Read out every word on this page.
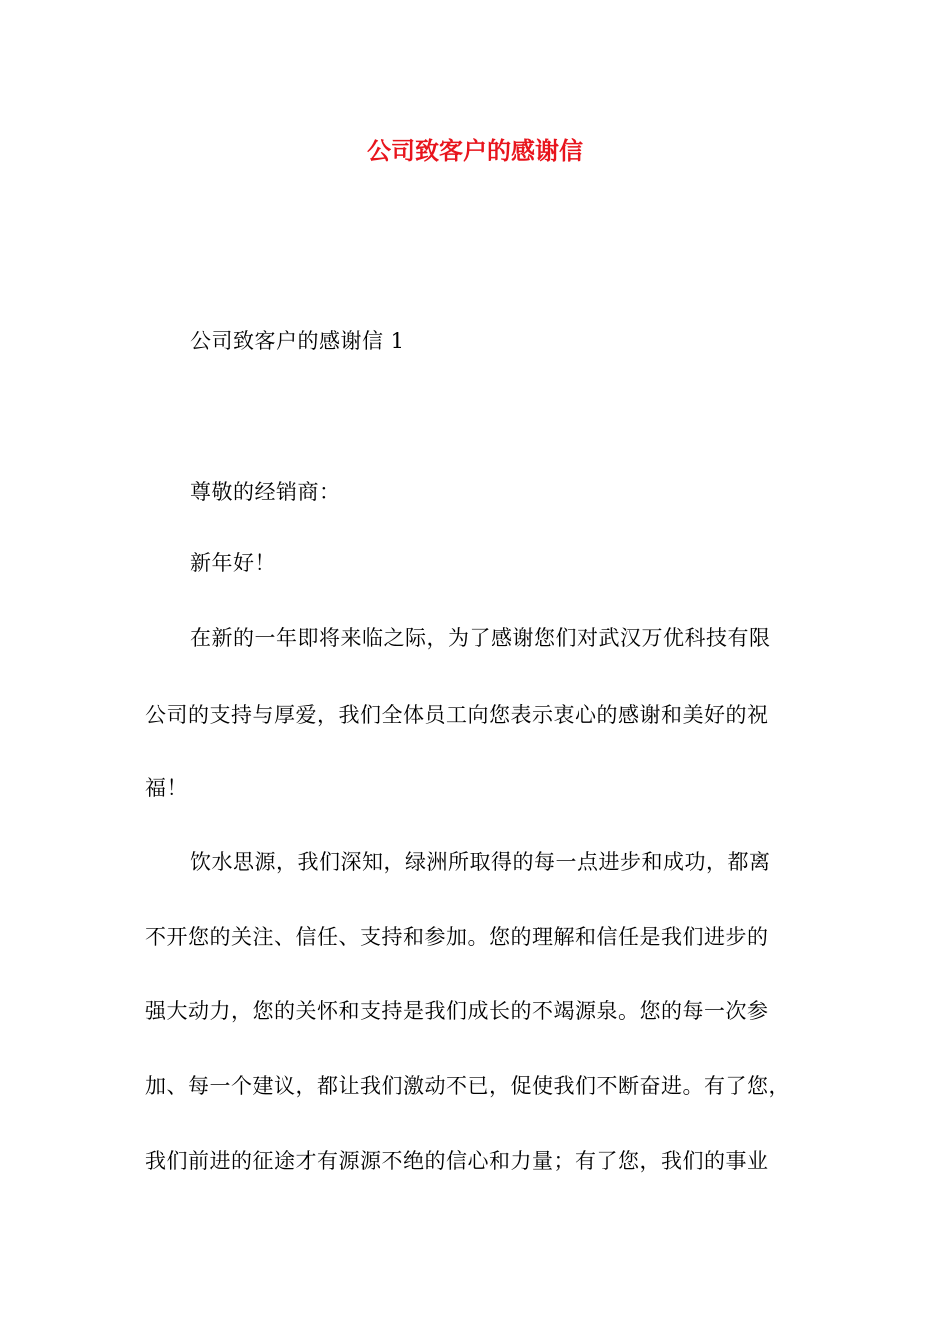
公司致客户的感谢信
公司致客户的感谢信 1
尊敬的经销商：
新年好！
在新的一年即将来临之际，为了感谢您们对武汉万优科技有限
公司的支持与厚爱，我们全体员工向您表示衷心的感谢和美好的祝
福！
饮水思源，我们深知，绿洲所取得的每一点进步和成功，都离
不开您的关注、信任、支持和参加。您的理解和信任是我们进步的
强大动力，您的关怀和支持是我们成长的不竭源泉。您的每一次参
加、每一个建议，都让我们激动不已，促使我们不断奋进。有了您，
我们前进的征途才有源源不绝的信心和力量；有了您，我们的事业
